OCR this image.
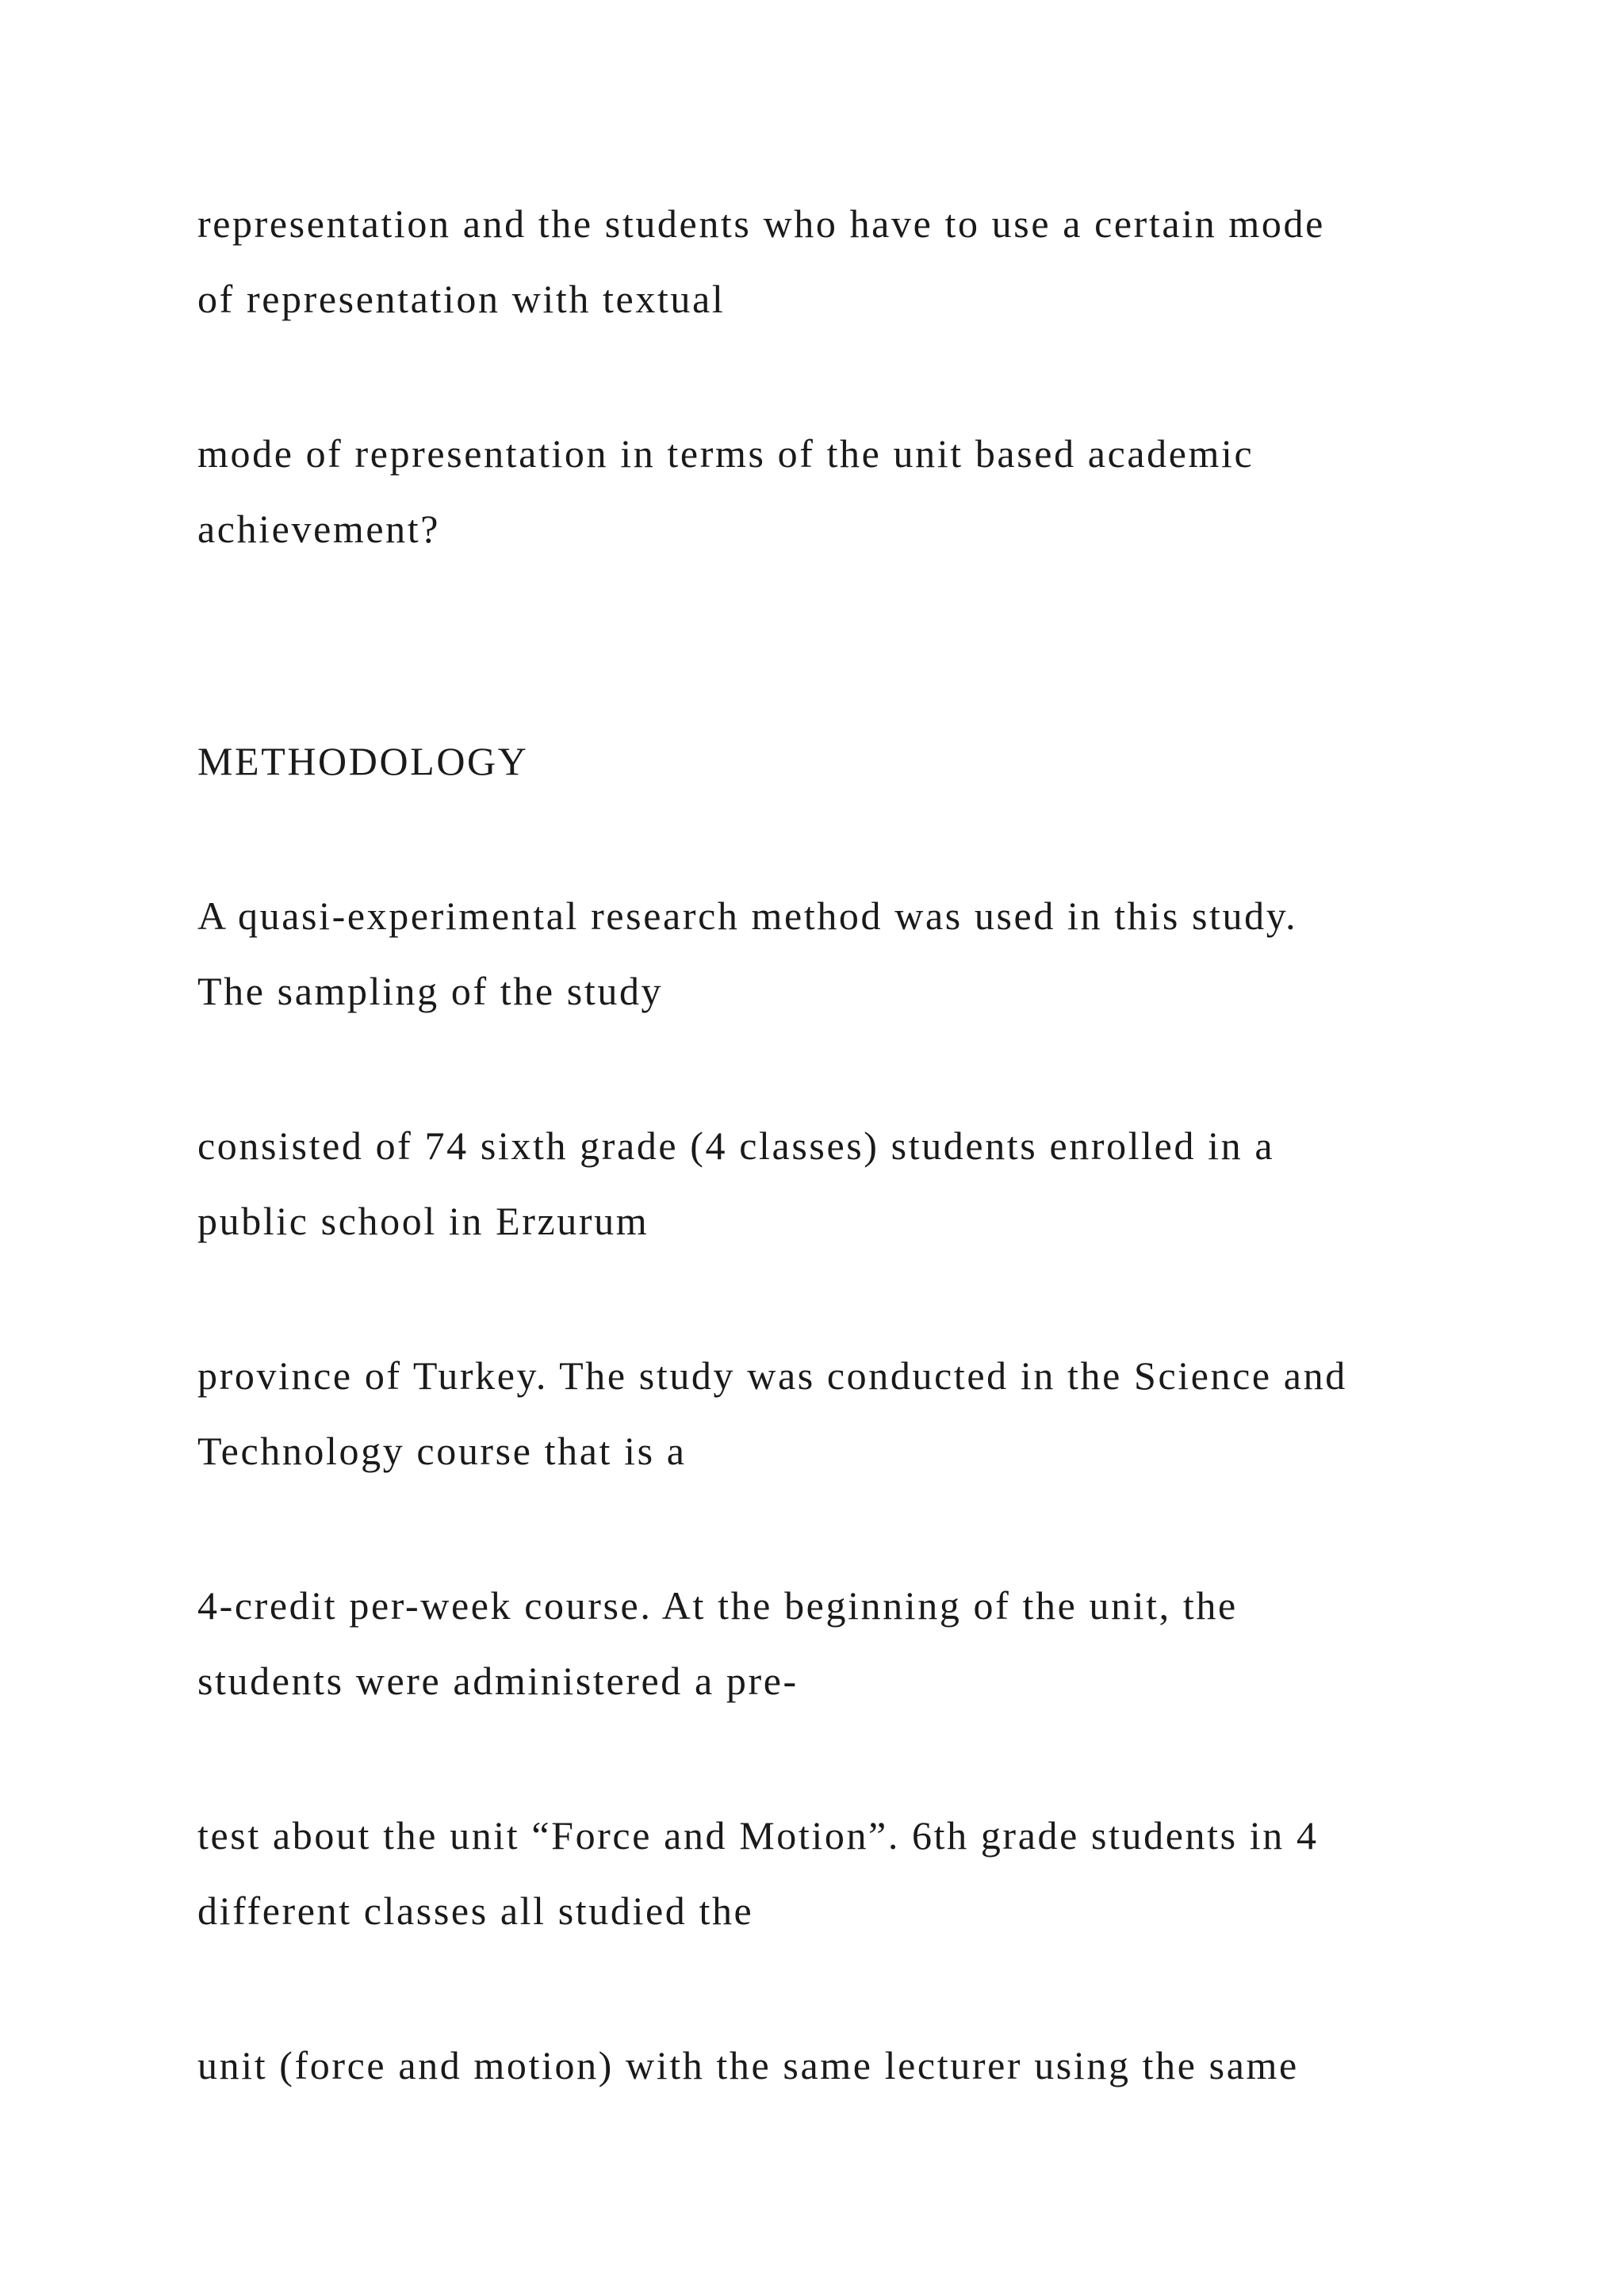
representation and the students who have to use a certain mode

of representation with textual

mode of representation in terms of the unit based academic

achievement?

METHODOLOGY

A quasi-experimental research method was used in this study.

The sampling of the study

consisted of 74 sixth grade (4 classes) students enrolled in a

public school in Erzurum

province of Turkey. The study was conducted in the Science and

Technology course that is a

4-credit per-week course. At the beginning of the unit, the

students were administered a pre-

test about the unit “Force and Motion”. 6th grade students in 4

different classes all studied the

unit (force and motion) with the same lecturer using the same
